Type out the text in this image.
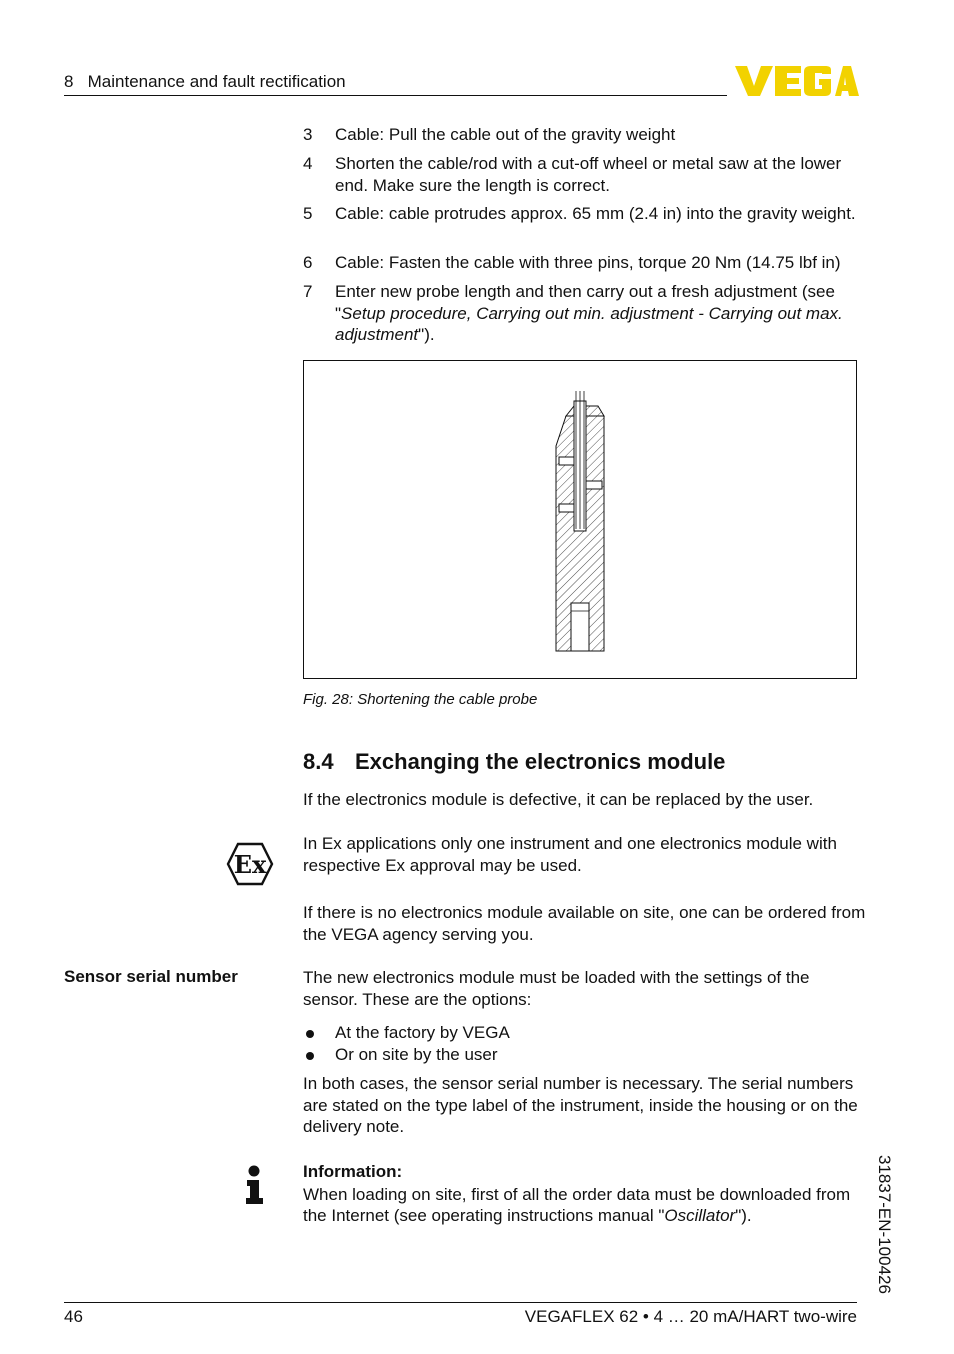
8   Maintenance and fault rectification
3 Cable: Pull the cable out of the gravity weight
4 Shorten the cable/rod with a cut-off wheel or metal saw at the lower end. Make sure the length is correct.
5 Cable: cable protrudes approx. 65 mm (2.4 in) into the gravity weight.
6 Cable: Fasten the cable with three pins, torque 20 Nm (14.75 lbf in)
7 Enter new probe length and then carry out a fresh adjustment (see "Setup procedure, Carrying out min. adjustment - Carrying out max. adjustment").
Fig. 28: Shortening the cable probe
8.4 Exchanging the electronics module
If the electronics module is defective, it can be replaced by the user.
Ex
In Ex applications only one instrument and one electronics module with respective Ex approval may be used.
If there is no electronics module available on site, one can be ordered from the VEGA agency serving you.
Sensor serial number	The new electronics module must be loaded with the settings of the sensor. These are the options:
At the factory by VEGA
Or on site by the user
In both cases, the sensor serial number is necessary. The serial numbers are stated on the type label of the instrument, inside the housing or on the delivery note.
Information:
When loading on site, first of all the order data must be downloaded from the Internet (see operating instructions manual "Oscillator").	31837-EN-100426
46	VEGAFLEX 62 • 4 … 20 mA/HART two-wire
